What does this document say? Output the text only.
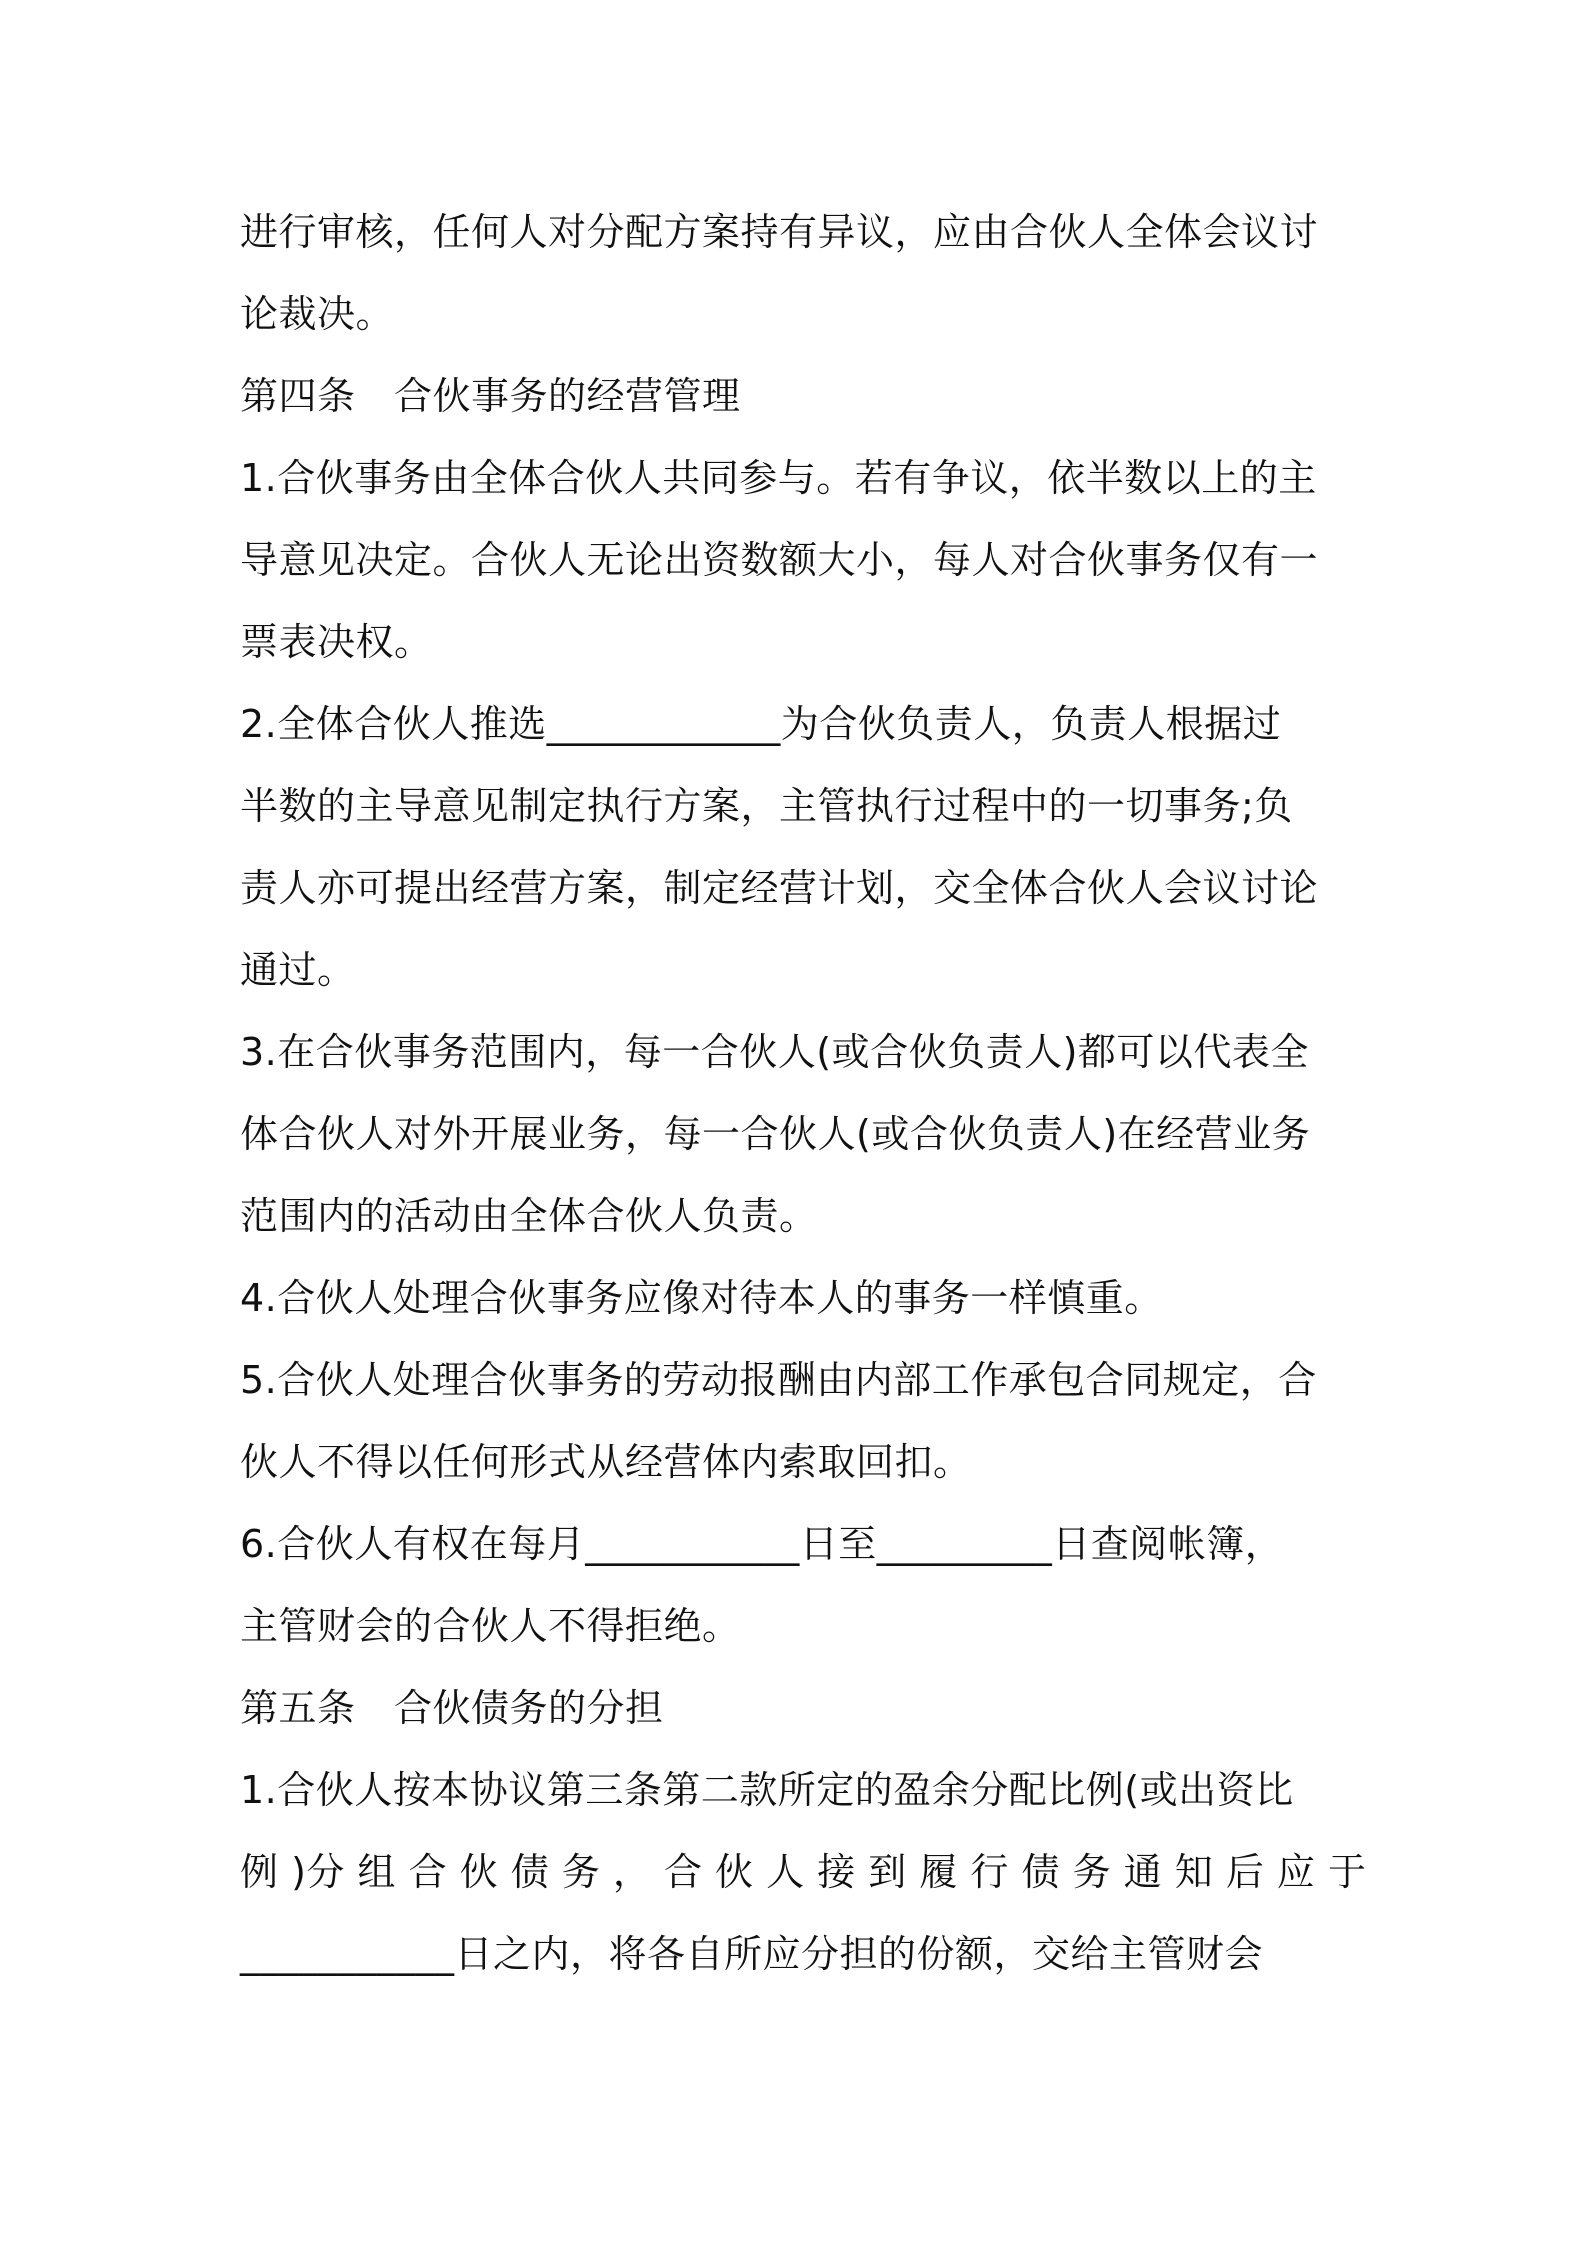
进行审核，任何人对分配方案持有异议，应由合伙人全体会议讨
论裁决。
第四条　合伙事务的经营管理
1.合伙事务由全体合伙人共同参与。若有争议，依半数以上的主
导意见决定。合伙人无论出资数额大小，每人对合伙事务仅有一
票表决权。
2.全体合伙人推选____________为合伙负责人，负责人根据过
半数的主导意见制定执行方案，主管执行过程中的一切事务;负
责人亦可提出经营方案，制定经营计划，交全体合伙人会议讨论
通过。
3.在合伙事务范围内，每一合伙人(或合伙负责人)都可以代表全
体合伙人对外开展业务，每一合伙人(或合伙负责人)在经营业务
范围内的活动由全体合伙人负责。
4.合伙人处理合伙事务应像对待本人的事务一样慎重。
5.合伙人处理合伙事务的劳动报酬由内部工作承包合同规定，合
伙人不得以任何形式从经营体内索取回扣。
6.合伙人有权在每月___________日至_________日查阅帐簿，
主管财会的合伙人不得拒绝。
第五条　合伙债务的分担
1.合伙人按本协议第三条第二款所定的盈余分配比例(或出资比
例 )分 组 合 伙 债 务 ， 合 伙 人 接 到 履 行 债 务 通 知 后 应 于
___________日之内，将各自所应分担的份额，交给主管财会
